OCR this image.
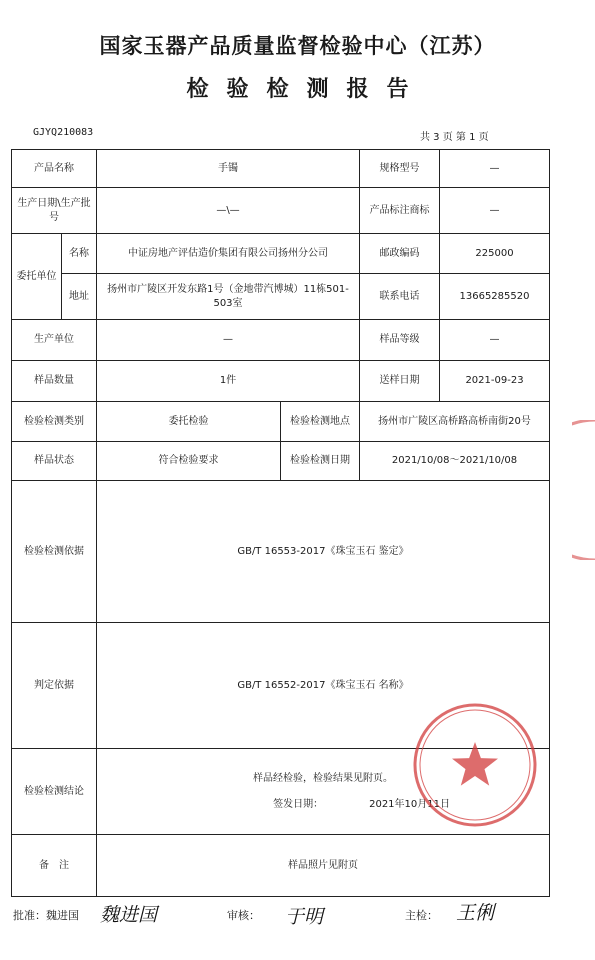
国家玉器产品质量监督检验中心（江苏）
检验检测报告
GJYQ210083	共 3 页 第 1 页
产品名称		手镯		规格型号	—
生产日期\生产批号		—\—		产品标注商标	—
委托单位	名称	中证房地产评估造价集团有限公司扬州分公司		邮政编码	225000
	地址	扬州市广陵区开发东路1号（金地带汽博城）11栋501-503室		联系电话	13665285520
生产单位		—		样品等级	—
样品数量		1件		送样日期	2021-09-23
检验检测类别		委托检验	检验检测地点	扬州市广陵区高桥路高桥南街20号	
样品状态		符合检验要求	检验检测日期	2021/10/08～2021/10/08	
检验检测依据		GB/T 16553-2017《珠宝玉石 鉴定》			
判定依据		GB/T 16552-2017《珠宝玉石 名称》			
检验检测结论		样品经检验，检验结果见附页。
签发日期： 2021年10月11日			

备　注		样品照片见附页			
批准：魏进国 魏进国	审核： 于明	主检： 王俐
